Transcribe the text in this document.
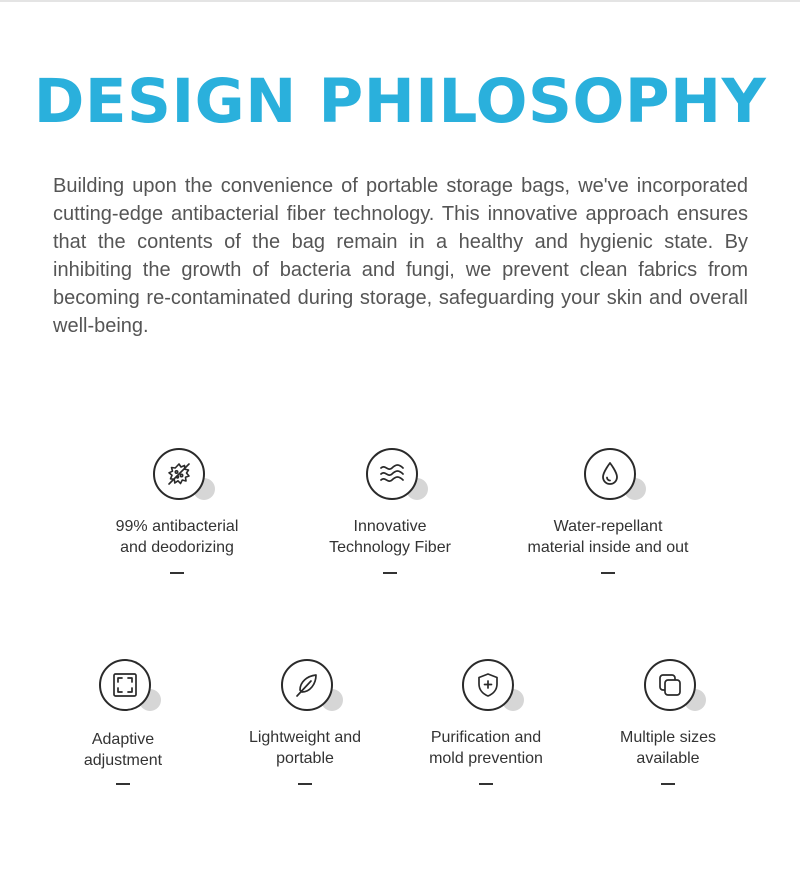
DESIGN PHILOSOPHY

Building upon the convenience of portable storage bags, we've incorporated cutting-edge antibacterial fiber technology. This innovative approach ensures that the contents of the bag remain in a healthy and hygienic state. By inhibiting the growth of bacteria and fungi, we prevent clean fabrics from becoming re-contaminated during storage, safeguarding your skin and overall well-being.

99% antibacterial
and deodorizing
Innovative
Technology Fiber
Water-repellant
material inside and out
Adaptive
adjustment
Lightweight and
portable
Purification and
mold prevention
Multiple sizes
available
